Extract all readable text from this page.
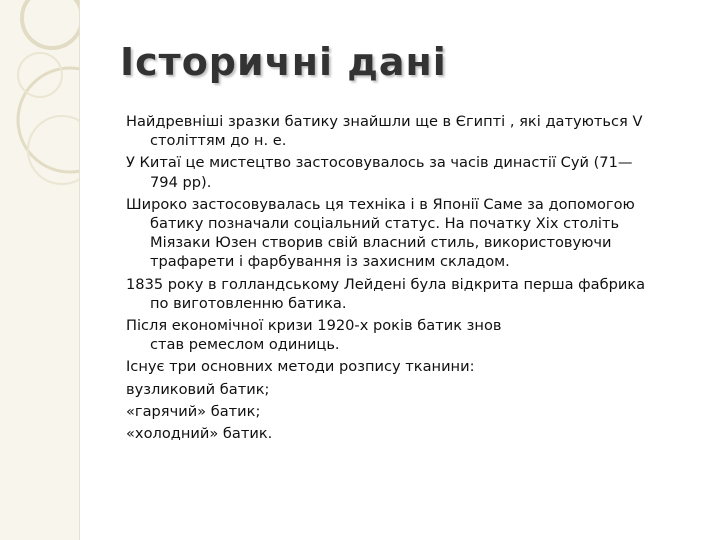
Історичні дані
Найдревніші зразки батику знайшли ще в Єгипті , які датуються V
століттям до н. е.
У Китаї це мистецтво застосовувалось за часів династії Суй (71—
794 рр).
Широко застосовувалась ця техніка і в Японії Саме за допомогою
батику позначали соціальний статус. На початку Хіх століть
Міязаки Юзен створив свій власний стиль, використовуючи
трафарети і фарбування із захисним складом.
1835 року в голландському Лейдені була відкрита перша фабрика
по виготовленню батика.
Після економічної кризи 1920-х років батик знов
став ремеслом одиниць.
Існує три основних методи розпису тканини:
вузликовий батик;
«гарячий» батик;
«холодний» батик.
